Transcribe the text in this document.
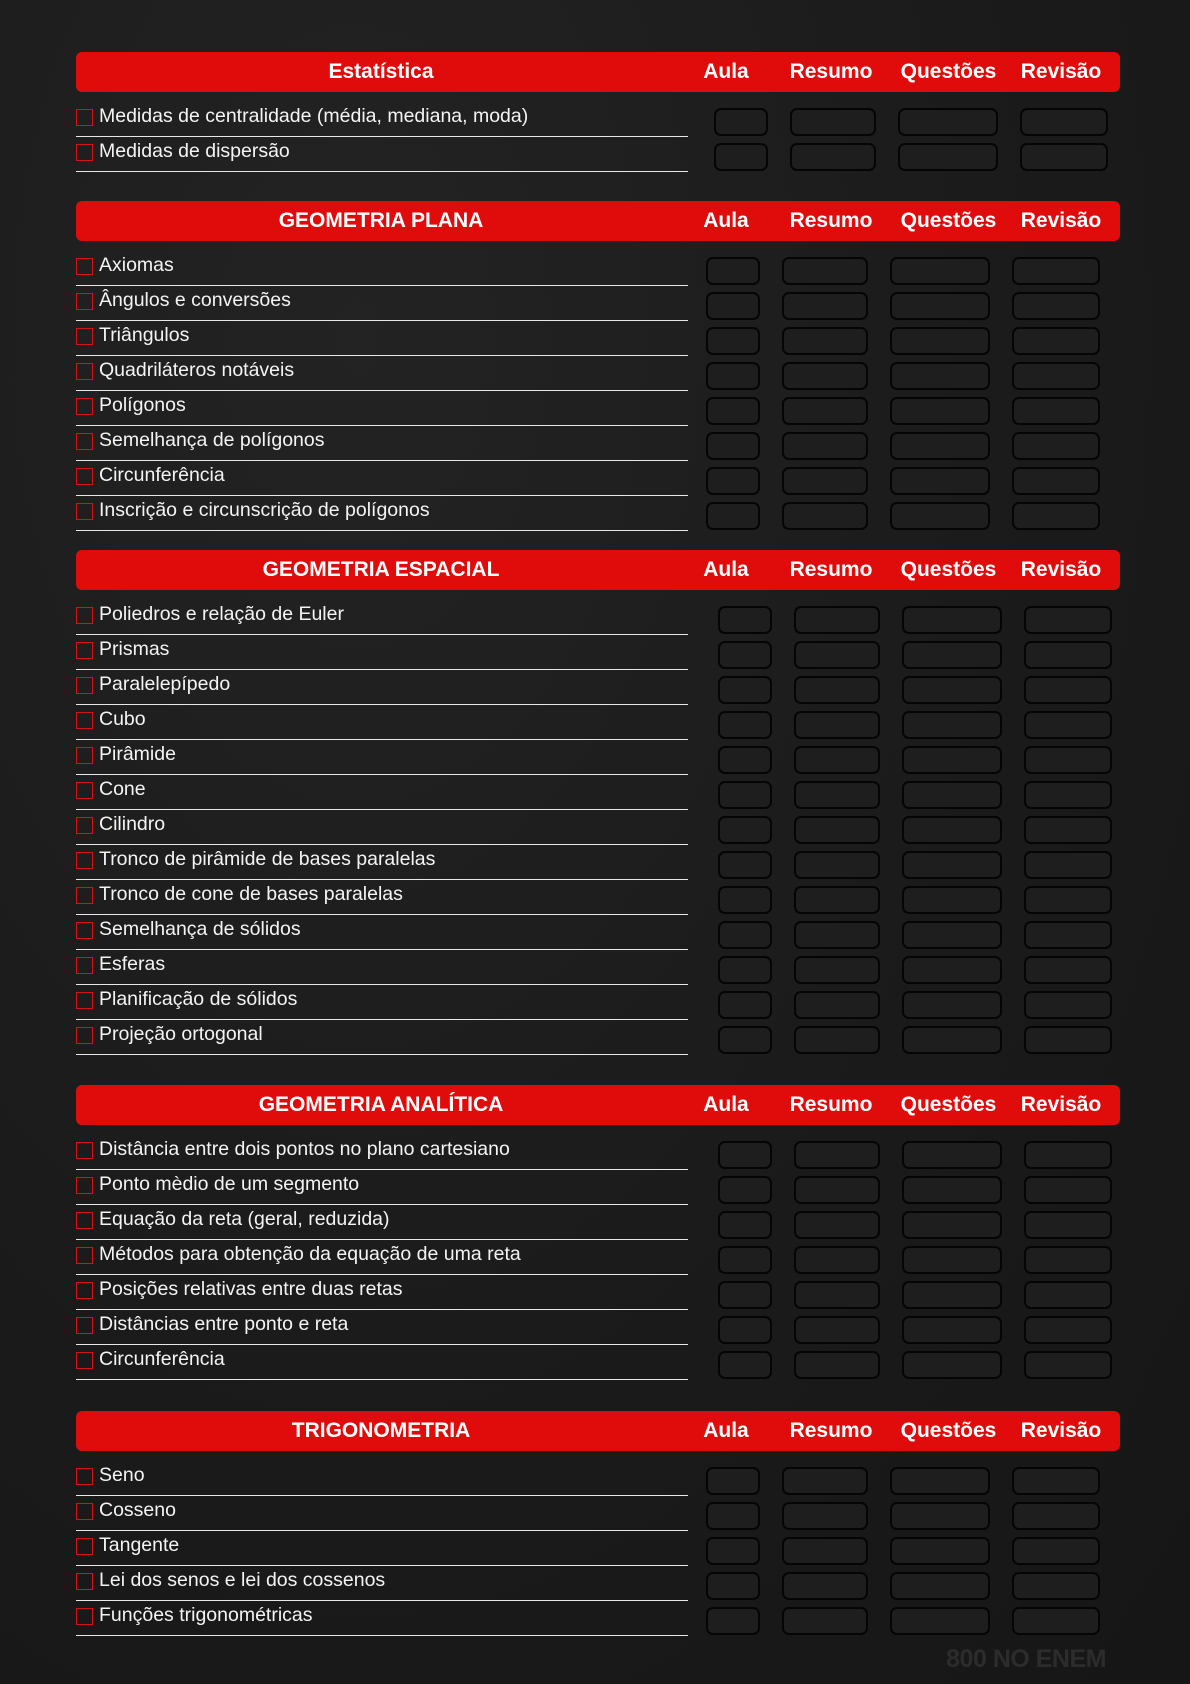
Estatística	Aula	Resumo	Questões	Revisão
Medidas de centralidade (média, mediana, moda)
Medidas de dispersão
GEOMETRIA PLANA	Aula	Resumo	Questões	Revisão
Axiomas
Ângulos e conversões
Triângulos
Quadriláteros notáveis
Polígonos
Semelhança de polígonos
Circunferência
Inscrição e circunscrição de polígonos
GEOMETRIA ESPACIAL	Aula	Resumo	Questões	Revisão
Poliedros e relação de Euler
Prismas
Paralelepípedo
Cubo
Pirâmide
Cone
Cilindro
Tronco de pirâmide de bases paralelas
Tronco de cone de bases paralelas
Semelhança de sólidos
Esferas
Planificação de sólidos
Projeção ortogonal
GEOMETRIA ANALÍTICA	Aula	Resumo	Questões	Revisão
Distância entre dois pontos no plano cartesiano
Ponto mèdio de um segmento
Equação da reta (geral, reduzida)
Métodos para obtenção da equação de uma reta
Posições relativas entre duas retas
Distâncias entre ponto e reta
Circunferência
TRIGONOMETRIA	Aula	Resumo	Questões	Revisão
Seno
Cosseno
Tangente
Lei dos senos e lei dos cossenos
Funções trigonométricas
800 NO ENEM
